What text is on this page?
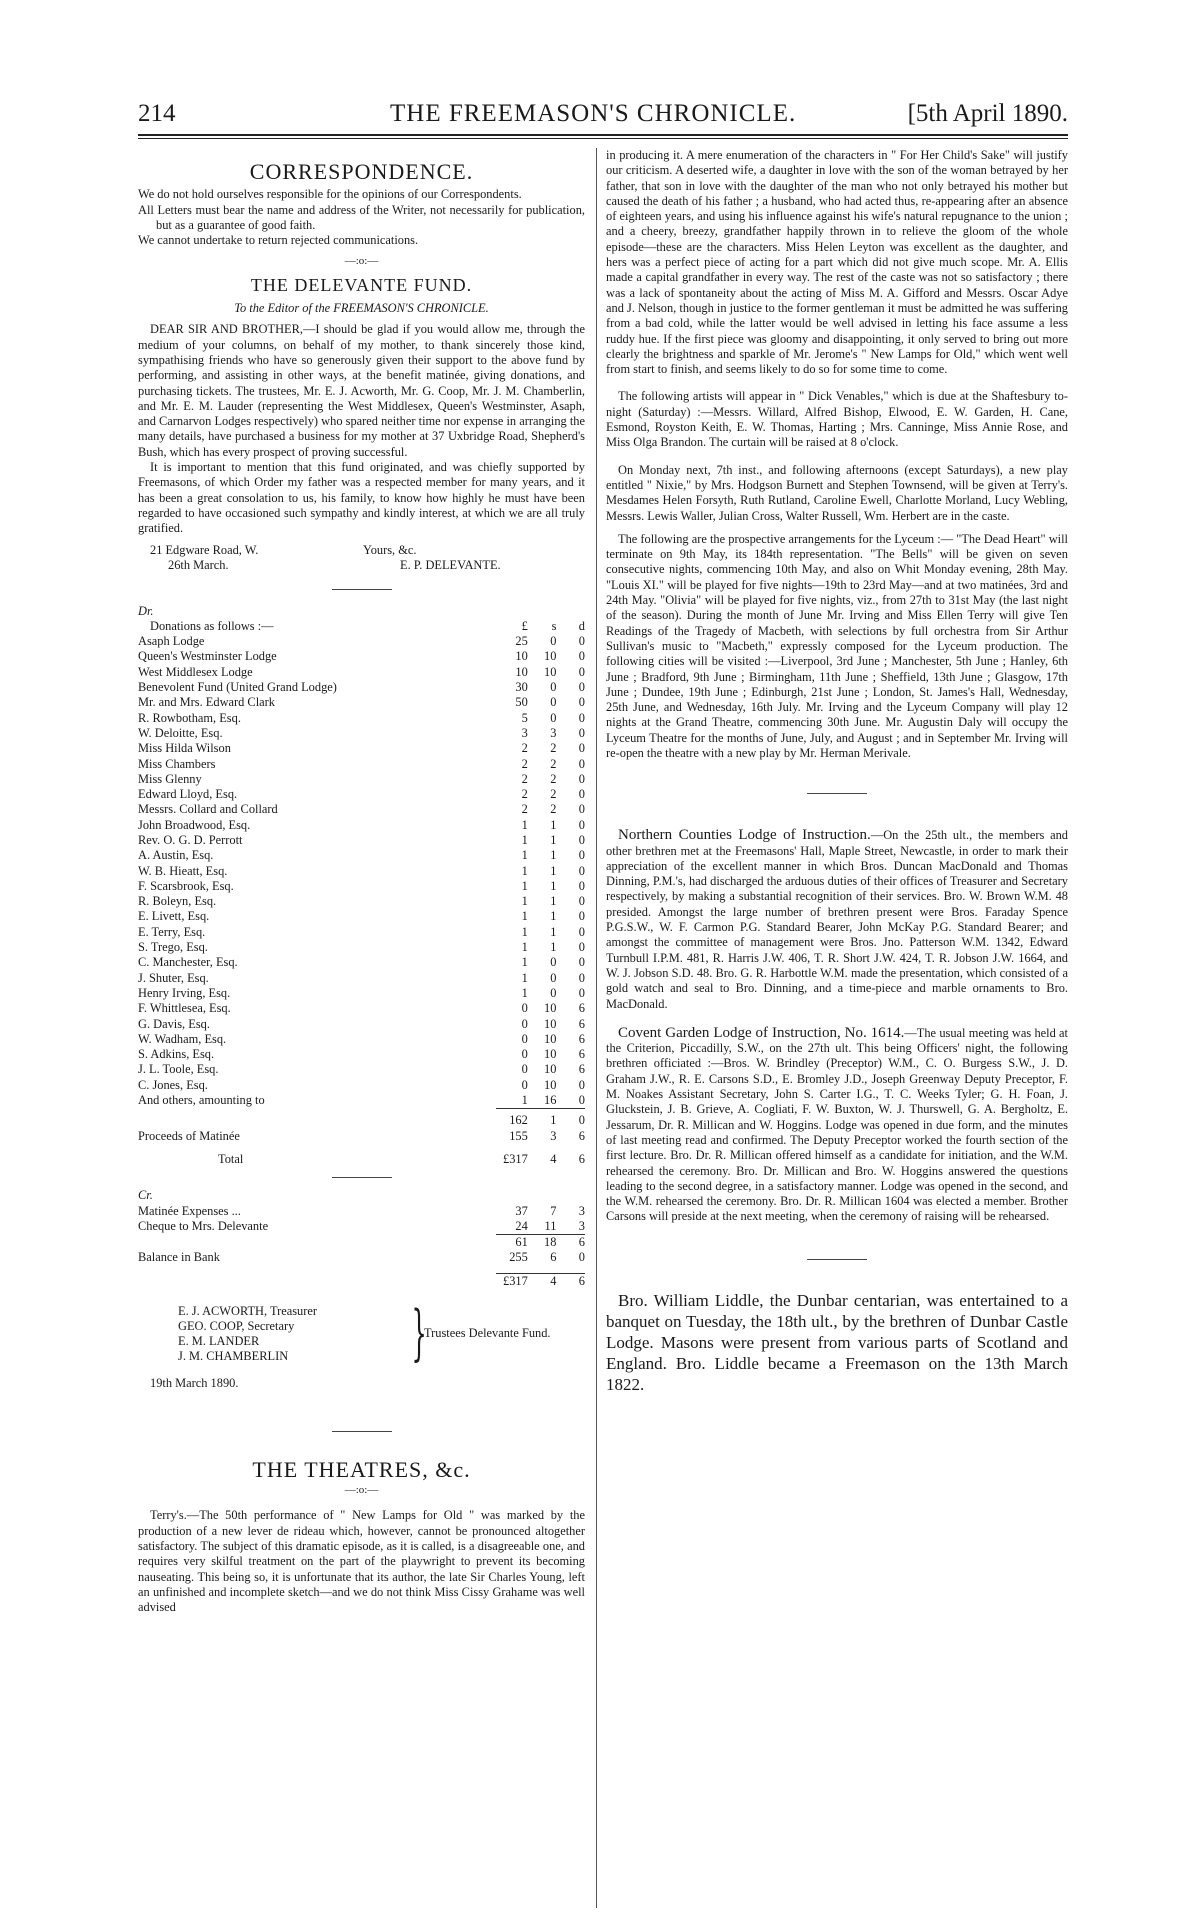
214	THE FREEMASON'S CHRONICLE.	[5th April 1890.
CORRESPONDENCE.

We do not hold ourselves responsible for the opinions of our Correspondents.

All Letters must bear the name and address of the Writer, not necessarily for publication, but as a guarantee of good faith.

We cannot undertake to return rejected communications.

—:o:—
THE DELEVANTE FUND.
To the Editor of the FREEMASON'S CHRONICLE.

DEAR SIR AND BROTHER,—I should be glad if you would allow me, through the medium of your columns, on behalf of my mother, to thank sincerely those kind, sympathising friends who have so generously given their support to the above fund by performing, and assisting in other ways, at the benefit matinée, giving donations, and purchasing tickets. The trustees, Mr. E. J. Acworth, Mr. G. Coop, Mr. J. M. Chamberlin, and Mr. E. M. Lauder (representing the West Middlesex, Queen's Westminster, Asaph, and Carnarvon Lodges respectively) who spared neither time nor expense in arranging the many details, have purchased a business for my mother at 37 Uxbridge Road, Shepherd's Bush, which has every prospect of proving successful.

It is important to mention that this fund originated, and was chiefly supported by Freemasons, of which Order my father was a respected member for many years, and it has been a great consolation to us, his family, to know how highly he must have been regarded to have occasioned such sympathy and kindly interest, at which we are all truly gratified.

21 Edgware Road, W.
26th March.
Yours, &c.
E. P. DELEVANTE.
Dr.
Donations as follows :—	£	s	d
Asaph Lodge	25	0	0
Queen's Westminster Lodge	10	10	0
West Middlesex Lodge	10	10	0
Benevolent Fund (United Grand Lodge)	30	0	0
Mr. and Mrs. Edward Clark	50	0	0
R. Rowbotham, Esq.	5	0	0
W. Deloitte, Esq.	3	3	0
Miss Hilda Wilson	2	2	0
Miss Chambers	2	2	0
Miss Glenny	2	2	0
Edward Lloyd, Esq.	2	2	0
Messrs. Collard and Collard	2	2	0
John Broadwood, Esq.	1	1	0
Rev. O. G. D. Perrott	1	1	0
A. Austin, Esq.	1	1	0
W. B. Hieatt, Esq.	1	1	0
F. Scarsbrook, Esq.	1	1	0
R. Boleyn, Esq.	1	1	0
E. Livett, Esq.	1	1	0
E. Terry, Esq.	1	1	0
S. Trego, Esq.	1	1	0
C. Manchester, Esq.	1	0	0
J. Shuter, Esq.	1	0	0
Henry Irving, Esq.	1	0	0
F. Whittlesea, Esq.	0	10	6
G. Davis, Esq.	0	10	6
W. Wadham, Esq.	0	10	6
S. Adkins, Esq.	0	10	6
J. L. Toole, Esq.	0	10	6
C. Jones, Esq.	0	10	0
And others, amounting to	1	16	0

	162	1	0
Proceeds of Matinée	155	3	6

Total	£317	4	6
Cr.
Matinée Expenses ...	37	7	3
Cheque to Mrs. Delevante	24	11	3
	61	18	6
Balance in Bank	255	6	0

	£317	4	6
E. J. ACWORTH, Treasurer
GEO. COOP, Secretary
E. M. LANDER
J. M. CHAMBERLIN	}
Trustees Delevante Fund.
19th March 1890.
THE THEATRES, &c.
—:o:—

Terry's.—The 50th performance of " New Lamps for Old " was marked by the production of a new lever de rideau which, however, cannot be pronounced altogether satisfactory. The subject of this dramatic episode, as it is called, is a disagreeable one, and requires very skilful treatment on the part of the playwright to prevent its becoming nauseating. This being so, it is unfortunate that its author, the late Sir Charles Young, left an unfinished and incomplete sketch—and we do not think Miss Cissy Grahame was well advised

in producing it. A mere enumeration of the characters in " For Her Child's Sake" will justify our criticism. A deserted wife, a daughter in love with the son of the woman betrayed by her father, that son in love with the daughter of the man who not only betrayed his mother but caused the death of his father ; a husband, who had acted thus, re-appearing after an absence of eighteen years, and using his influence against his wife's natural repugnance to the union ; and a cheery, breezy, grandfather happily thrown in to relieve the gloom of the whole episode—these are the characters. Miss Helen Leyton was excellent as the daughter, and hers was a perfect piece of acting for a part which did not give much scope. Mr. A. Ellis made a capital grandfather in every way. The rest of the caste was not so satisfactory ; there was a lack of spontaneity about the acting of Miss M. A. Gifford and Messrs. Oscar Adye and J. Nelson, though in justice to the former gentleman it must be admitted he was suffering from a bad cold, while the latter would be well advised in letting his face assume a less ruddy hue. If the first piece was gloomy and disappointing, it only served to bring out more clearly the brightness and sparkle of Mr. Jerome's " New Lamps for Old," which went well from start to finish, and seems likely to do so for some time to come.

The following artists will appear in " Dick Venables," which is due at the Shaftesbury to-night (Saturday) :—Messrs. Willard, Alfred Bishop, Elwood, E. W. Garden, H. Cane, Esmond, Royston Keith, E. W. Thomas, Harting ; Mrs. Canninge, Miss Annie Rose, and Miss Olga Brandon. The curtain will be raised at 8 o'clock.

On Monday next, 7th inst., and following afternoons (except Saturdays), a new play entitled " Nixie," by Mrs. Hodgson Burnett and Stephen Townsend, will be given at Terry's. Mesdames Helen Forsyth, Ruth Rutland, Caroline Ewell, Charlotte Morland, Lucy Webling, Messrs. Lewis Waller, Julian Cross, Walter Russell, Wm. Herbert are in the caste.

The following are the prospective arrangements for the Lyceum :— "The Dead Heart" will terminate on 9th May, its 184th representation. "The Bells" will be given on seven consecutive nights, commencing 10th May, and also on Whit Monday evening, 28th May. "Louis XI." will be played for five nights—19th to 23rd May—and at two matinées, 3rd and 24th May. "Olivia" will be played for five nights, viz., from 27th to 31st May (the last night of the season). During the month of June Mr. Irving and Miss Ellen Terry will give Ten Readings of the Tragedy of Macbeth, with selections by full orchestra from Sir Arthur Sullivan's music to "Macbeth," expressly composed for the Lyceum production. The following cities will be visited :—Liverpool, 3rd June ; Manchester, 5th June ; Hanley, 6th June ; Bradford, 9th June ; Birmingham, 11th June ; Sheffield, 13th June ; Glasgow, 17th June ; Dundee, 19th June ; Edinburgh, 21st June ; London, St. James's Hall, Wednesday, 25th June, and Wednesday, 16th July. Mr. Irving and the Lyceum Company will play 12 nights at the Grand Theatre, commencing 30th June. Mr. Augustin Daly will occupy the Lyceum Theatre for the months of June, July, and August ; and in September Mr. Irving will re-open the theatre with a new play by Mr. Herman Merivale.

Northern Counties Lodge of Instruction.—On the 25th ult., the members and other brethren met at the Freemasons' Hall, Maple Street, Newcastle, in order to mark their appreciation of the excellent manner in which Bros. Duncan MacDonald and Thomas Dinning, P.M.'s, had discharged the arduous duties of their offices of Treasurer and Secretary respectively, by making a substantial recognition of their services. Bro. W. Brown W.M. 48 presided. Amongst the large number of brethren present were Bros. Faraday Spence P.G.S.W., W. F. Carmon P.G. Standard Bearer, John McKay P.G. Standard Bearer; and amongst the committee of management were Bros. Jno. Patterson W.M. 1342, Edward Turnbull I.P.M. 481, R. Harris J.W. 406, T. R. Short J.W. 424, T. R. Jobson J.W. 1664, and W. J. Jobson S.D. 48. Bro. G. R. Harbottle W.M. made the presentation, which consisted of a gold watch and seal to Bro. Dinning, and a time-piece and marble ornaments to Bro. MacDonald.

Covent Garden Lodge of Instruction, No. 1614.—The usual meeting was held at the Criterion, Piccadilly, S.W., on the 27th ult. This being Officers' night, the following brethren officiated :—Bros. W. Brindley (Preceptor) W.M., C. O. Burgess S.W., J. D. Graham J.W., R. E. Carsons S.D., E. Bromley J.D., Joseph Greenway Deputy Preceptor, F. M. Noakes Assistant Secretary, John S. Carter I.G., T. C. Weeks Tyler; G. H. Foan, J. Gluckstein, J. B. Grieve, A. Cogliati, F. W. Buxton, W. J. Thurswell, G. A. Bergholtz, E. Jessarum, Dr. R. Millican and W. Hoggins. Lodge was opened in due form, and the minutes of last meeting read and confirmed. The Deputy Preceptor worked the fourth section of the first lecture. Bro. Dr. R. Millican offered himself as a candidate for initiation, and the W.M. rehearsed the ceremony. Bro. Dr. Millican and Bro. W. Hoggins answered the questions leading to the second degree, in a satisfactory manner. Lodge was opened in the second, and the W.M. rehearsed the ceremony. Bro. Dr. R. Millican 1604 was elected a member. Brother Carsons will preside at the next meeting, when the ceremony of raising will be rehearsed.

Bro. William Liddle, the Dunbar centarian, was entertained to a banquet on Tuesday, the 18th ult., by the brethren of Dunbar Castle Lodge. Masons were present from various parts of Scotland and England. Bro. Liddle became a Freemason on the 13th March 1822.
